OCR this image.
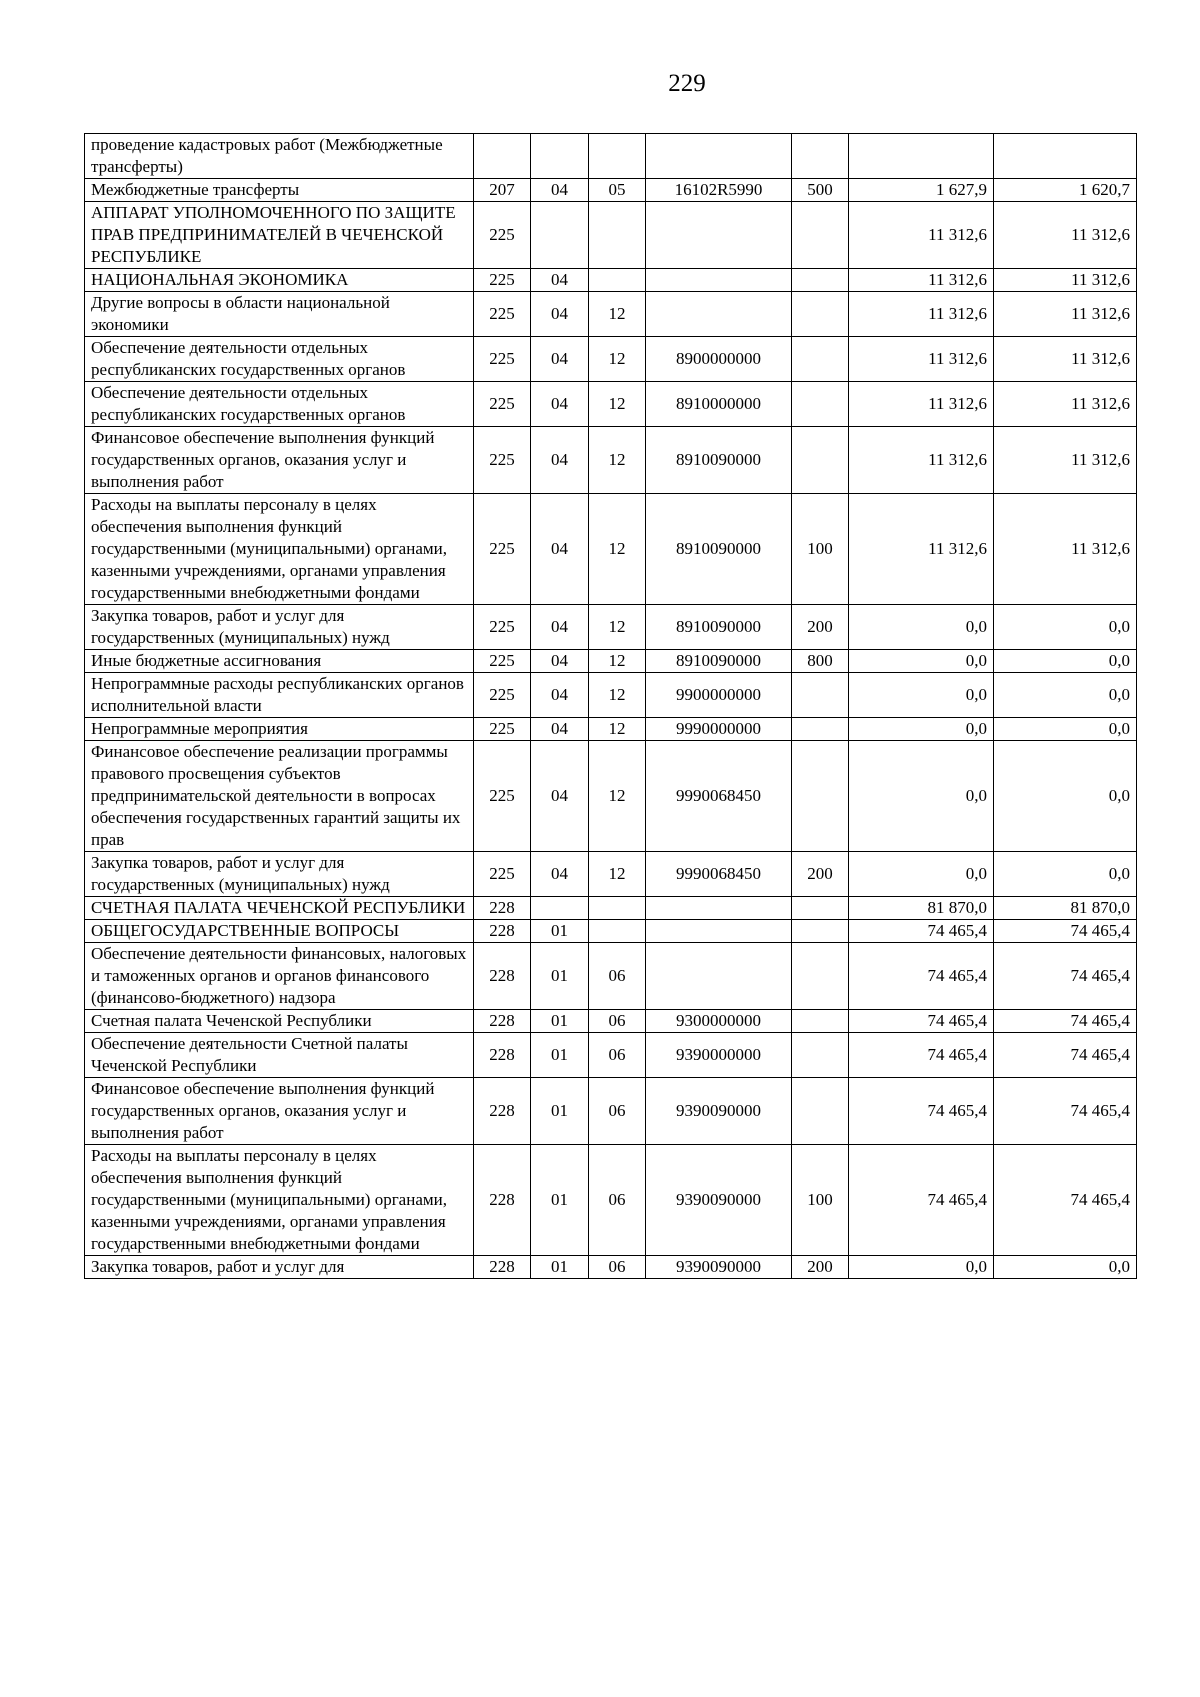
229
проведение кадастровых работ (Межбюджетные трансферты)							
Межбюджетные трансферты	207	04	05	16102R5990	500	1 627,9	1 620,7
АППАРАТ УПОЛНОМОЧЕННОГО ПО ЗАЩИТЕ ПРАВ ПРЕДПРИНИМАТЕЛЕЙ В ЧЕЧЕНСКОЙ РЕСПУБЛИКЕ	225					11 312,6	11 312,6
НАЦИОНАЛЬНАЯ ЭКОНОМИКА	225	04				11 312,6	11 312,6
Другие вопросы в области национальной экономики	225	04	12			11 312,6	11 312,6
Обеспечение деятельности отдельных республиканских государственных органов	225	04	12	8900000000		11 312,6	11 312,6
Обеспечение деятельности отдельных республиканских государственных органов	225	04	12	8910000000		11 312,6	11 312,6
Финансовое обеспечение выполнения функций государственных органов, оказания услуг и выполнения работ	225	04	12	8910090000		11 312,6	11 312,6
Расходы на выплаты персоналу в целях обеспечения выполнения функций государственными (муниципальными) органами, казенными учреждениями, органами управления государственными внебюджетными фондами	225	04	12	8910090000	100	11 312,6	11 312,6
Закупка товаров, работ и услуг для государственных (муниципальных) нужд	225	04	12	8910090000	200	0,0	0,0
Иные бюджетные ассигнования	225	04	12	8910090000	800	0,0	0,0
Непрограммные расходы республиканских органов исполнительной власти	225	04	12	9900000000		0,0	0,0
Непрограммные мероприятия	225	04	12	9990000000		0,0	0,0
Финансовое обеспечение реализации программы правового просвещения субъектов предпринимательской деятельности в вопросах обеспечения государственных гарантий защиты их прав	225	04	12	9990068450		0,0	0,0
Закупка товаров, работ и услуг для государственных (муниципальных) нужд	225	04	12	9990068450	200	0,0	0,0
СЧЕТНАЯ ПАЛАТА ЧЕЧЕНСКОЙ РЕСПУБЛИКИ	228					81 870,0	81 870,0
ОБЩЕГОСУДАРСТВЕННЫЕ ВОПРОСЫ	228	01				74 465,4	74 465,4
Обеспечение деятельности финансовых, налоговых и таможенных органов и органов финансового (финансово-бюджетного) надзора	228	01	06			74 465,4	74 465,4
Счетная палата Чеченской Республики	228	01	06	9300000000		74 465,4	74 465,4
Обеспечение деятельности Счетной палаты Чеченской Республики	228	01	06	9390000000		74 465,4	74 465,4
Финансовое обеспечение выполнения функций государственных органов, оказания услуг и выполнения работ	228	01	06	9390090000		74 465,4	74 465,4
Расходы на выплаты персоналу в целях обеспечения выполнения функций государственными (муниципальными) органами, казенными учреждениями, органами управления государственными внебюджетными фондами	228	01	06	9390090000	100	74 465,4	74 465,4
Закупка товаров, работ и услуг для	228	01	06	9390090000	200	0,0	0,0
